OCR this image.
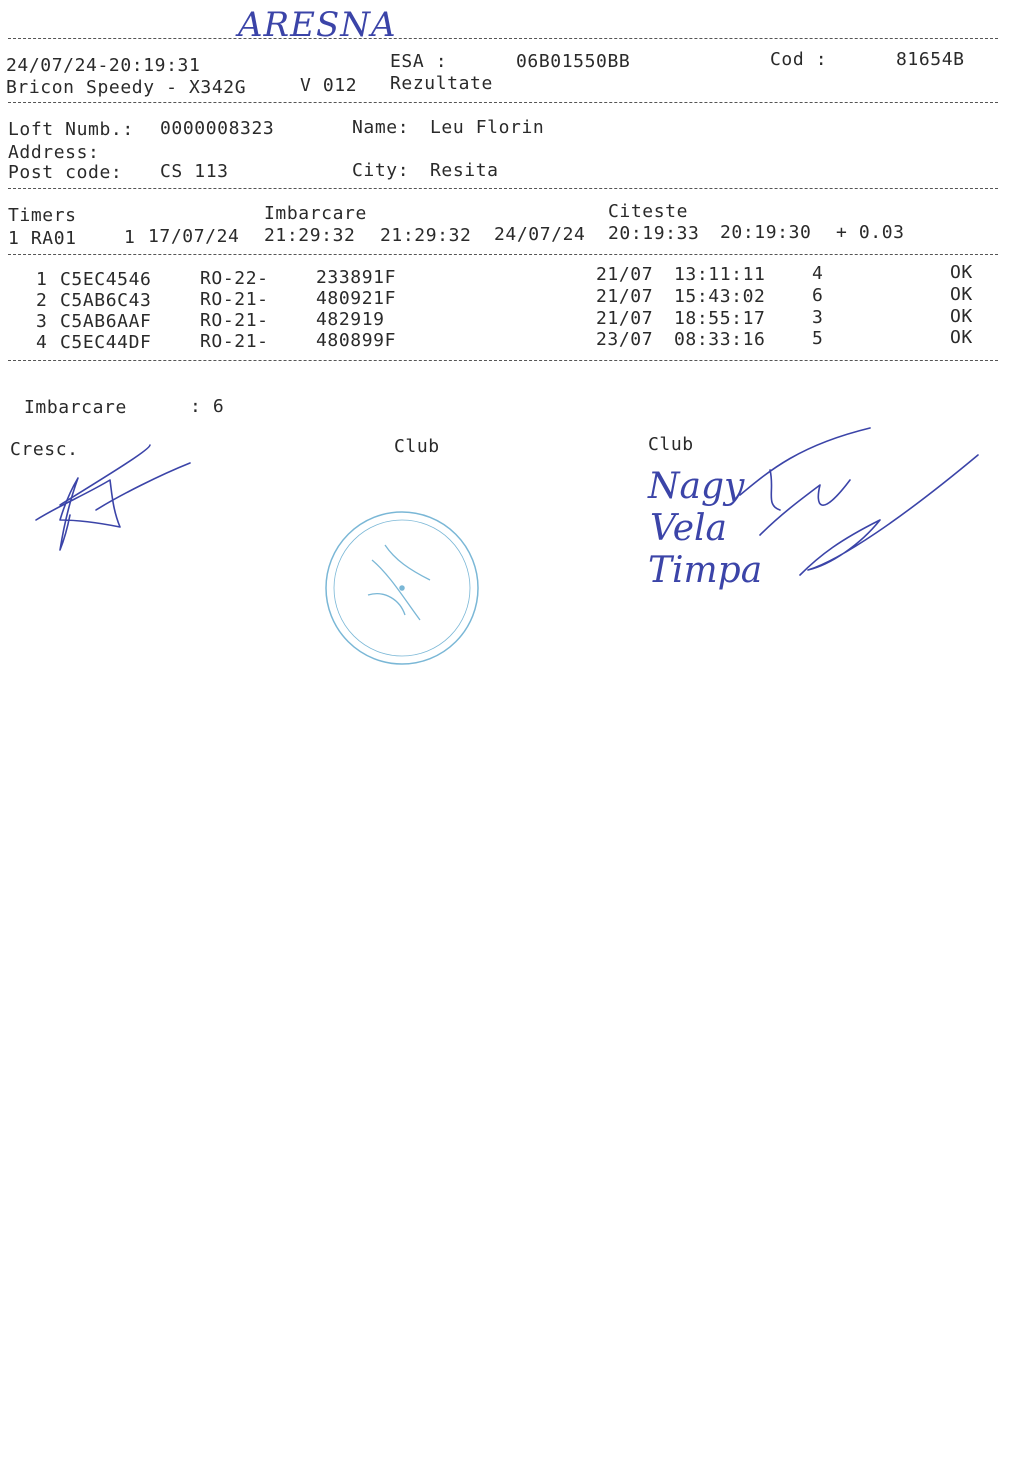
ARESNA
24/07/24-20:19:31	ESA :	06B01550BB	Cod :	81654B
Bricon Speedy - X342G	V 012 Rezultate
Loft Numb.: 0000008323	Name: Leu Florin
Address:
Post code: CS 113	City: Resita
Timers	Imbarcare	Citeste
1 RA01	1 17/07/24 21:29:32 21:29:32 24/07/24 20:19:33 20:19:30 + 0.03
1 C5EC4546	RO-22-	233891F	21/07 13:11:11	4	OK
2 C5AB6C43	RO-21-	480921F	21/07 15:43:02	6	OK
3 C5AB6AAF	RO-21-	482919	21/07 18:55:17	3	OK
4 C5EC44DF	RO-21-	480899F	23/07 08:33:16	5	OK
Imbarcare	: 6
Cresc.	Club	Club
Nagy
Vela
Timpa
